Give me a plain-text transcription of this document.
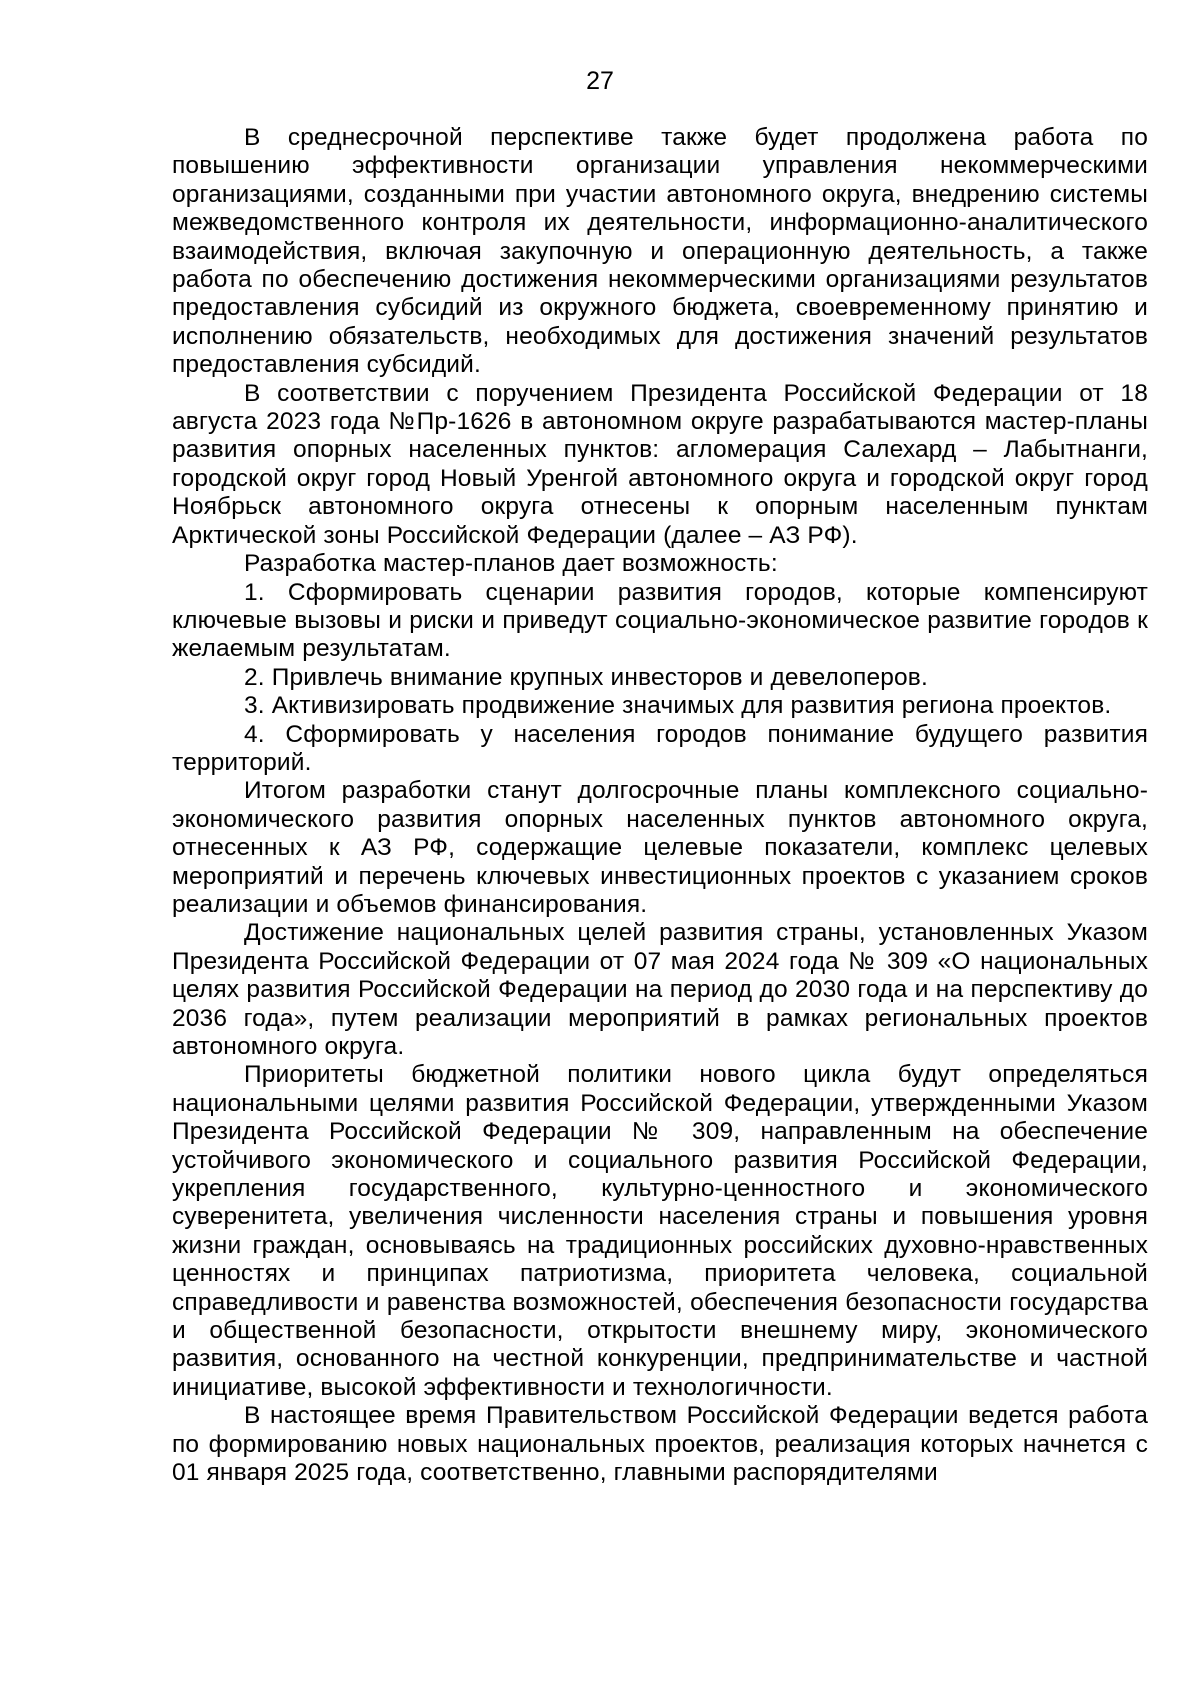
27

В среднесрочной перспективе также будет продолжена работа по повышению эффективности организации управления некоммерческими организациями, созданными при участии автономного округа, внедрению системы межведомственного контроля их деятельности, информационно-аналитического взаимодействия, включая закупочную и операционную деятельность, а также работа по обеспечению достижения некоммерческими организациями результатов предоставления субсидий из окружного бюджета, своевременному принятию и исполнению обязательств, необходимых для достижения значений результатов предоставления субсидий.

В соответствии с поручением Президента Российской Федерации от 18 августа 2023 года №Пр-1626 в автономном округе разрабатываются мастер-планы развития опорных населенных пунктов: агломерация Салехард – Лабытнанги, городской округ город Новый Уренгой автономного округа и городской округ город Ноябрьск автономного округа отнесены к опорным населенным пунктам Арктической зоны Российской Федерации (далее – АЗ РФ).

Разработка мастер-планов дает возможность:

1. Сформировать сценарии развития городов, которые компенсируют ключевые вызовы и риски и приведут социально-экономическое развитие городов к желаемым результатам.

2. Привлечь внимание крупных инвесторов и девелоперов.

3. Активизировать продвижение значимых для развития региона проектов.

4. Сформировать у населения городов понимание будущего развития территорий.

Итогом разработки станут долгосрочные планы комплексного социально-экономического развития опорных населенных пунктов автономного округа, отнесенных к АЗ РФ, содержащие целевые показатели, комплекс целевых мероприятий и перечень ключевых инвестиционных проектов с указанием сроков реализации и объемов финансирования.

Достижение национальных целей развития страны, установленных Указом Президента Российской Федерации от 07 мая 2024 года № 309 «О национальных целях развития Российской Федерации на период до 2030 года и на перспективу до 2036 года», путем реализации мероприятий в рамках региональных проектов автономного округа.

Приоритеты бюджетной политики нового цикла будут определяться национальными целями развития Российской Федерации, утвержденными Указом Президента Российской Федерации № 309, направленным на обеспечение устойчивого экономического и социального развития Российской Федерации, укрепления государственного, культурно-ценностного и экономического суверенитета, увеличения численности населения страны и повышения уровня жизни граждан, основываясь на традиционных российских духовно-нравственных ценностях и принципах патриотизма, приоритета человека, социальной справедливости и равенства возможностей, обеспечения безопасности государства и общественной безопасности, открытости внешнему миру, экономического развития, основанного на честной конкуренции, предпринимательстве и частной инициативе, высокой эффективности и технологичности.

В настоящее время Правительством Российской Федерации ведется работа по формированию новых национальных проектов, реализация которых начнется с 01 января 2025 года, соответственно, главными распорядителями
